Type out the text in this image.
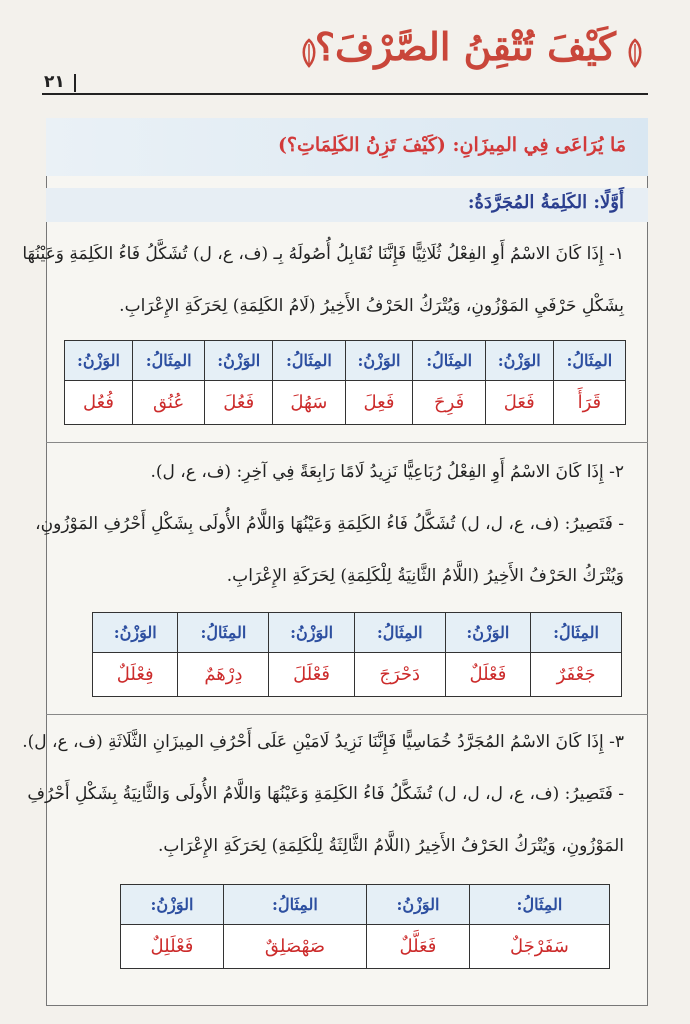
كَيْفَ تُتْقِنُ الصَّرْفَ؟
٢١
مَا يُرَاعَى فِي المِيزَانِ: (كَيْفَ تَزِنُ الكَلِمَاتِ؟)
أَوَّلًا: الكَلِمَةُ المُجَرَّدَةُ:
١- إِذَا كَانَ الاسْمُ أَوِ الفِعْلُ ثُلَاثِيًّا فَإِنَّنَا نُقَابِلُ أُصُولَهُ بِـ (ف، ع، ل) تُشَكَّلُ فَاءُ الكَلِمَةِ وَعَيْنُهَا
بِشَكْلِ حَرْفَيِ المَوْزُونِ، وَيُتْرَكُ الحَرْفُ الأَخِيرُ (لَامُ الكَلِمَةِ) لِحَرَكَةِ الإِعْرَابِ.
المِثَالُ:	الوَزْنُ:	المِثَالُ:	الوَزْنُ:	المِثَالُ:	الوَزْنُ:	المِثَالُ:	الوَزْنُ:
قَرَأَ	فَعَلَ	فَرِحَ	فَعِلَ	سَهُلَ	فَعُلَ	عُنُق	فُعُل
٢- إِذَا كَانَ الاسْمُ أَوِ الفِعْلُ رُبَاعِيًّا نَزِيدُ لَامًا رَابِعَةً فِي آخِرِ: (ف، ع، ل).
- فَتَصِيرُ: (ف، ع، ل، ل) تُشَكَّلُ فَاءُ الكَلِمَةِ وَعَيْنُهَا وَاللَّامُ الأُولَى بِشَكْلِ أَحْرُفِ المَوْزُونِ،
وَيُتْرَكُ الحَرْفُ الأَخِيرُ (اللَّامُ الثَّانِيَةُ لِلْكَلِمَةِ) لِحَرَكَةِ الإِعْرَابِ.
المِثَالُ:	الوَزْنُ:	المِثَالُ:	الوَزْنُ:	المِثَالُ:	الوَزْنُ:
جَعْفَرٌ	فَعْلَلٌ	دَحْرَجَ	فَعْلَلَ	دِرْهَمٌ	فِعْلَلٌ
٣- إِذَا كَانَ الاسْمُ المُجَرَّدُ خُمَاسِيًّا فَإِنَّنَا نَزِيدُ لَامَيْنِ عَلَى أَحْرُفِ المِيزَانِ الثَّلَاثَةِ (ف، ع، ل).
- فَتَصِيرُ: (ف، ع، ل، ل، ل) تُشَكَّلُ فَاءُ الكَلِمَةِ وَعَيْنُهَا وَاللَّامُ الأُولَى وَالثَّانِيَةُ بِشَكْلِ أَحْرُفِ
المَوْزُونِ، وَيُتْرَكُ الحَرْفُ الأَخِيرُ (اللَّامُ الثَّالِثَةُ لِلْكَلِمَةِ) لِحَرَكَةِ الإِعْرَابِ.
المِثَالُ:	الوَزْنُ:	المِثَالُ:	الوَزْنُ:
سَفَرْجَلٌ	فَعَلَّلٌ	صَهْصَلِقٌ	فَعْلَلِلٌ
